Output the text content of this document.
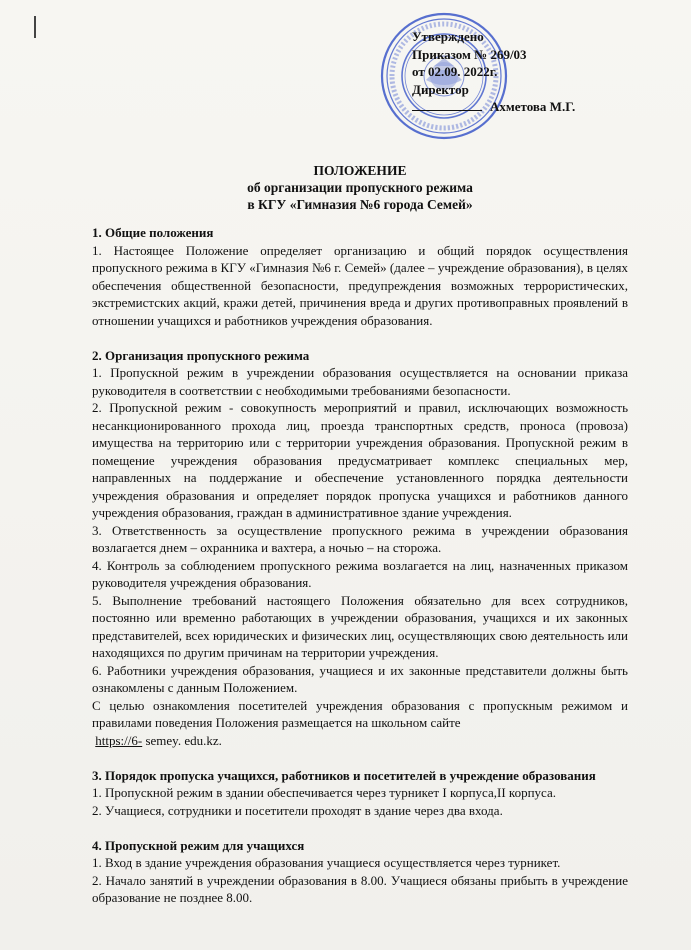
Утверждено
Приказом № 269/03
от 02.09. 2022г.
Директор
Ахметова М.Г.
ПОЛОЖЕНИЕ
об организации пропускного режима
в КГУ «Гимназия №6 города Семей»
1. Общие положения
1. Настоящее Положение определяет организацию и общий порядок осуществления пропускного режима в КГУ «Гимназия №6 г. Семей» (далее – учреждение образования), в целях обеспечения общественной безопасности, предупреждения возможных террористических, экстремистских акций, кражи детей, причинения вреда и других противоправных проявлений в отношении учащихся и работников учреждения образования.
2. Организация пропускного режима
1. Пропускной режим в учреждении образования осуществляется на основании приказа руководителя в соответствии с необходимыми требованиями безопасности.
2. Пропускной режим - совокупность мероприятий и правил, исключающих возможность несанкционированного прохода лиц, проезда транспортных средств, проноса (провоза) имущества на территорию или с территории учреждения образования. Пропускной режим в помещение учреждения образования предусматривает комплекс специальных мер, направленных на поддержание и обеспечение установленного порядка деятельности учреждения образования и определяет порядок пропуска учащихся и работников данного учреждения образования, граждан в административное здание учреждения.
3. Ответственность за осуществление пропускного режима в учреждении образования возлагается днем – охранника и вахтера, а ночью – на сторожа.
4. Контроль за соблюдением пропускного режима возлагается на лиц, назначенных приказом руководителя учреждения образования.
5. Выполнение требований настоящего Положения обязательно для всех сотрудников, постоянно или временно работающих в учреждении образования, учащихся и их законных представителей, всех юридических и физических лиц, осуществляющих свою деятельность или находящихся по другим причинам на территории учреждения.
6. Работники учреждения образования, учащиеся и их законные представители должны быть ознакомлены с данным Положением.
С целью ознакомления посетителей учреждения образования с пропускным режимом и правилами поведения Положения размещается на школьном сайте
https://6- semey. edu.kz.
3. Порядок пропуска учащихся, работников и посетителей в учреждение образования
1. Пропускной режим в здании обеспечивается через турникет I корпуса,II корпуса.
2. Учащиеся, сотрудники и посетители проходят в здание через два входа.
4. Пропускной режим для учащихся
1. Вход в здание учреждения образования учащиеся осуществляется через турникет.
2. Начало занятий в учреждении образования в 8.00. Учащиеся обязаны прибыть в учреждение образование не позднее 8.00.
